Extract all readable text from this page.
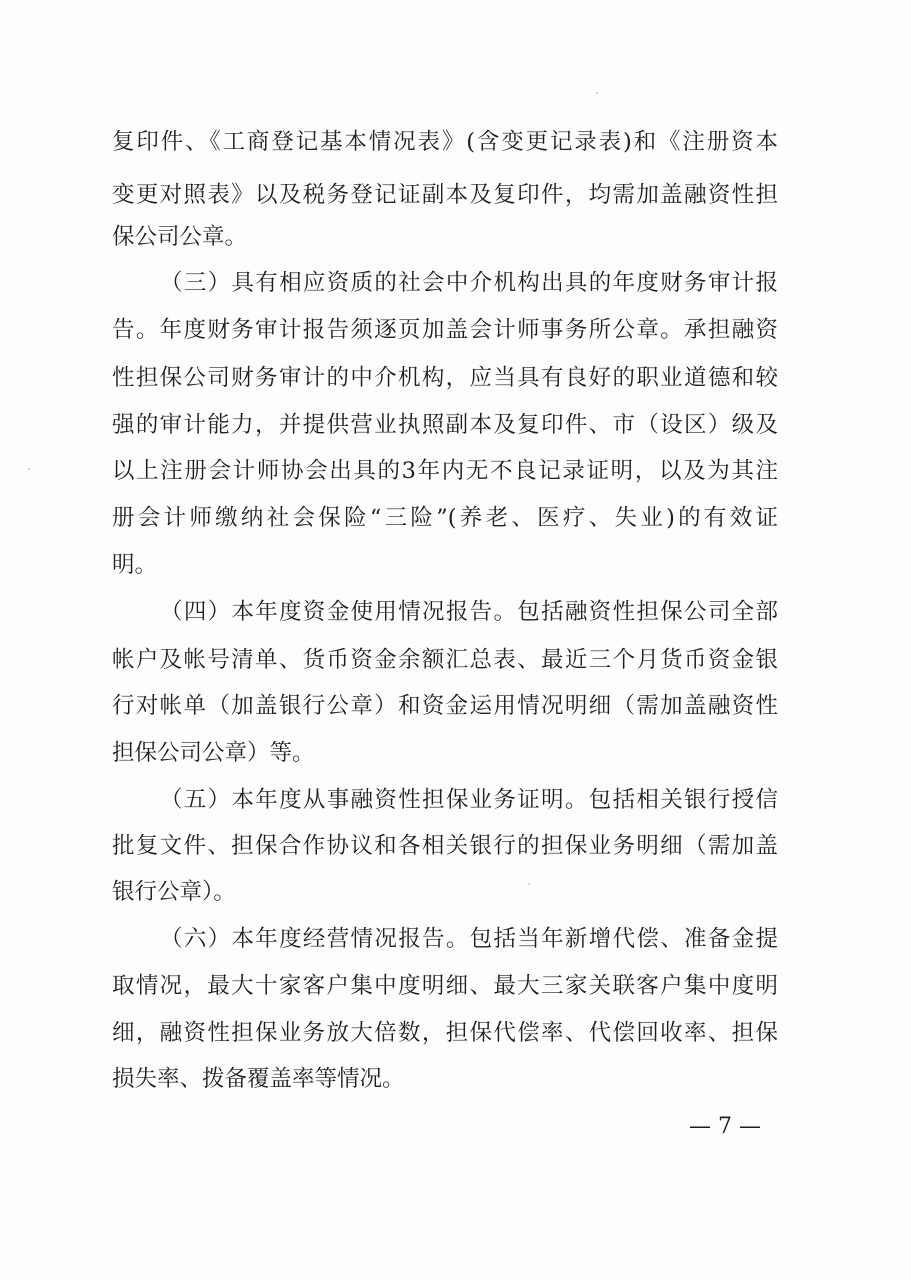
复印件、《工商登记基本情况表》(含变更记录表)和《注册资本
变更对照表》以及税务登记证副本及复印件，均需加盖融资性担
保公司公章。
（三）具有相应资质的社会中介机构出具的年度财务审计报
告。年度财务审计报告须逐页加盖会计师事务所公章。承担融资
性担保公司财务审计的中介机构，应当具有良好的职业道德和较
强的审计能力，并提供营业执照副本及复印件、市（设区）级及
以上注册会计师协会出具的3年内无不良记录证明，以及为其注
册会计师缴纳社会保险“三险”(养老、医疗、失业)的有效证
明。
（四）本年度资金使用情况报告。包括融资性担保公司全部
帐户及帐号清单、货币资金余额汇总表、最近三个月货币资金银
行对帐单（加盖银行公章）和资金运用情况明细（需加盖融资性
担保公司公章）等。
（五）本年度从事融资性担保业务证明。包括相关银行授信
批复文件、担保合作协议和各相关银行的担保业务明细（需加盖
银行公章）。
（六）本年度经营情况报告。包括当年新增代偿、准备金提
取情况，最大十家客户集中度明细、最大三家关联客户集中度明
细，融资性担保业务放大倍数，担保代偿率、代偿回收率、担保
损失率、拨备覆盖率等情况。
— 7 —
